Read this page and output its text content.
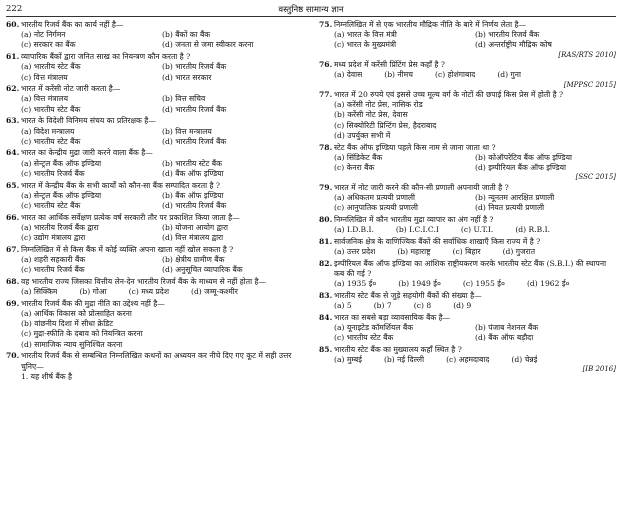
222	वस्तुनिष्ठ सामान्य ज्ञान
60. भारतीय रिजर्व बैंक का कार्य नहीं है—
(a) नोट निर्गमन	(b) बैंकों का बैंक
(c) सरकार का बैंक	(d) जनता से जमा स्वीकार करना
61. व्यापारिक बैंकों द्वारा जनित साख का नियन्त्रण कौन करता है ?
(a) भारतीय स्टेट बैंक	(b) भारतीय रिजर्व बैंक
(c) वित्त मंत्रालय	(d) भारत सरकार
62. भारत में करेंसी नोट जारी करता है—
(a) वित्त मंत्रालय	(b) वित्त सचिव
(c) भारतीय स्टेट बैंक	(d) भारतीय रिजर्व बैंक
63. भारत के विदेशी विनिमय संचय का प्रतिरक्षक है—
(a) विदेश मन्त्रालय	(b) वित्त मन्त्रालय
(c) भारतीय स्टेट बैंक	(d) भारतीय रिजर्व बैंक
64. भारत का केन्द्रीय मुद्रा जारी करने वाला बैंक है—
(a) सेन्ट्रल बैंक ऑफ इण्डिया	(b) भारतीय स्टेट बैंक
(c) भारतीय रिजर्व बैंक	(d) बैंक ऑफ इण्डिया
65. भारत में केन्द्रीय बैंक के सभी कार्यों को कौन-सा बैंक सम्पादित करता है ?
(a) सेन्ट्रल बैंक ऑफ इण्डिया	(b) बैंक ऑफ इण्डिया
(c) भारतीय स्टेट बैंक	(d) भारतीय रिजर्व बैंक
66. भारत का आर्थिक सर्वेक्षण प्रत्येक वर्ष सरकारी तौर पर प्रकाशित किया जाता है—
(a) भारतीय रिजर्व बैंक द्वारा	(b) योजना आयोग द्वारा
(c) उद्योग मंत्रालय द्वारा	(d) वित्त मंत्रालय द्वारा
67. निम्नलिखित में से किस बैंक में कोई व्यक्ति अपना खाता नहीं खोल सकता है ?
(a) शहरी सहकारी बैंक	(b) क्षेत्रीय ग्रामीण बैंक
(c) भारतीय रिजर्व बैंक	(d) अनुसूचित व्यापारिक बैंक
68. वह भारतीय राज्य जिसका वित्तीय लेन-देन भारतीय रिजर्व बैंक के माध्यम से नहीं होता है—
(a) सिक्किम	(b) गोआ	(c) मध्य प्रदेश	(d) जम्मू-कश्मीर
69. भारतीय रिजर्व बैंक की मुद्रा नीति का उद्देश्य नहीं है—
(a) आर्थिक विकास को प्रोत्साहित करना
(b) वांछनीय दिशा में सीधा क्रेडिट
(c) मुद्रा-स्फीति के दबाव को नियन्त्रित करना
(d) सामाजिक न्याय सुनिश्चित करना
70. भारतीय रिजर्व बैंक से सम्बन्धित निम्नलिखित कथनों का अध्ययन कर नीचे दिए गए कूट में सही उत्तर चुनिए—
1. यह शीर्ष बैंक है
75. निम्नलिखित में से एक भारतीय मौद्रिक नीति के बारे में निर्णय लेता है—
(a) भारत के वित्त मंत्री	(b) भारतीय रिजर्व बैंक
(c) भारत के मुख्यमंत्री	(d) अन्तर्राष्ट्रीय मौद्रिक कोष
[RAS/RTS 2010]
76. मध्य प्रदेश में करेंसी प्रिंटिंग प्रेस कहाँ है ?
(a) देवास	(b) नीमच	(c) होशंगाबाद	(d) गुना
[MPPSC 2015]
77. भारत में 20 रुपये एवं इससे उच्च मूल्य वर्ग के नोटों की छपाई किस प्रेस में होती है ?
(a) करेंसी नोट प्रेस, नासिक रोड
(b) करेंसी नोट प्रेस, देवास
(c) सिक्योरिटी प्रिन्टिंग प्रेस, हैदराबाद
(d) उपर्युक्त सभी में
78. स्टेट बैंक ऑफ इण्डिया पहले किस नाम से जाना जाता था ?
(a) सिंडिकेट बैंक	(b) कोऑपरेटिव बैंक ऑफ इण्डिया
(c) केनरा बैंक	(d) इम्पीरियल बैंक ऑफ इण्डिया
[SSC 2015]
79. भारत में नोट जारी करने की कौन-सी प्रणाली अपनायी जाती है ?
(a) अधिकतम प्रत्ययी प्रणाली	(b) न्यूनतम आरक्षित प्रणाली
(c) आनुपातिक प्रत्ययी प्रणाली	(d) नियत प्रत्ययी प्रणाली
80. निम्नलिखित में कौन भारतीय मुद्रा व्यापार का अंग नहीं है ?
(a) I.D.B.I.	(b) I.C.I.C.I	(c) U.T.I.	(d) R.B.I.
81. सार्वजनिक क्षेत्र के वाणिज्यिक बैंकों की सर्वाधिक शाखाएँ किस राज्य में है ?
(a) उत्तर प्रदेश	(b) महाराष्ट्र	(c) बिहार	(d) गुजरात
82. इम्पीरियल बैंक ऑफ इण्डिया का आंशिक राष्ट्रीयकरण करके भारतीय स्टेट बैंक (S.B.I.) की स्थापना कब की गई ?
(a) 1935 ई०	(b) 1949 ई०	(c) 1955 ई०	(d) 1962 ई०
83. भारतीय स्टेट बैंक से जुड़े सहयोगी बैंकों की संख्या है—
(a) 5	(b) 7	(c) 8	(d) 9
84. भारत का सबसे बड़ा व्यावसायिक बैंक है—
(a) यूनाइटेड कॉमर्शियल बैंक	(b) पंजाब नेशनल बैंक
(c) भारतीय स्टेट बैंक	(d) बैंक ऑफ बड़ौदा
85. भारतीय स्टेट बैंक का मुख्यालय कहाँ स्थित है ?
(a) मुम्बई	(b) नई दिल्ली	(c) अहमदाबाद	(d) चेन्नई
[IB 2016]
